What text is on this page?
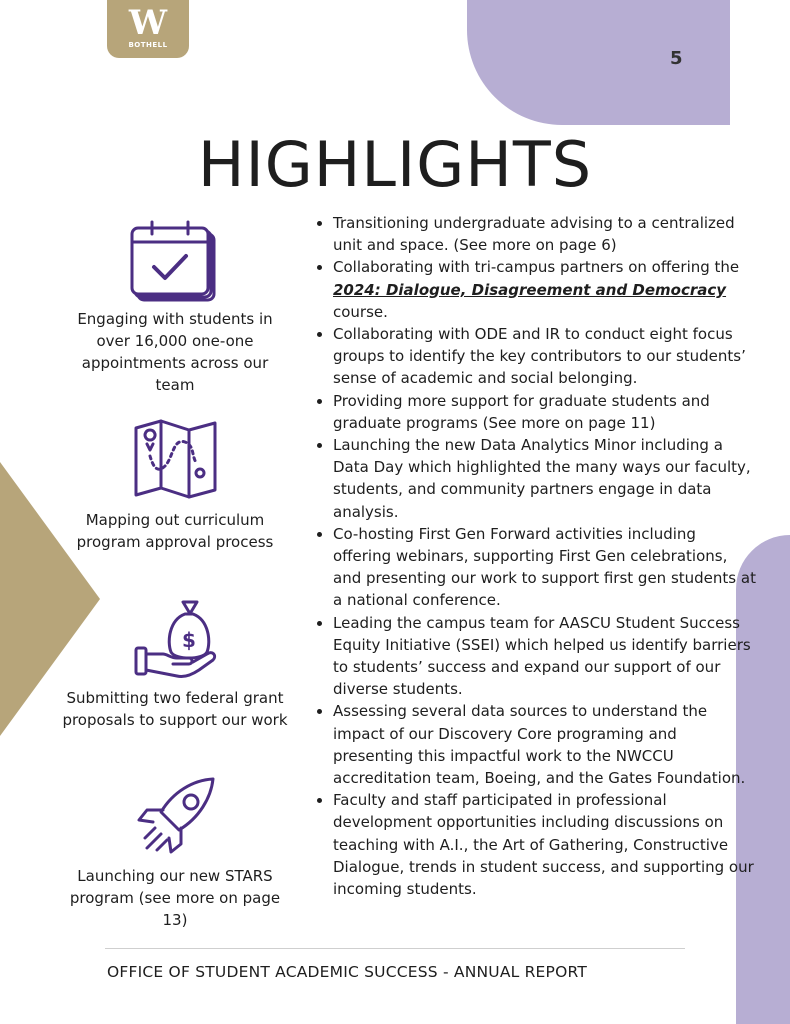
W
BOTHELL
5
HIGHLIGHTS
Engaging with students in over 16,000 one-one appointments across our team
Mapping out curriculum program approval process
$
Submitting two federal grant proposals to support our work
Launching our new STARS program (see more on page 13)
• Transitioning undergraduate advising to a centralized unit and space. (See more on page 6)
• Collaborating with tri-campus partners on offering the 2024: Dialogue, Disagreement and Democracy course.
• Collaborating with ODE and IR to conduct eight focus groups to identify the key contributors to our students’ sense of academic and social belonging.
• Providing more support for graduate students and graduate programs (See more on page 11)
• Launching the new Data Analytics Minor including a Data Day which highlighted the many ways our faculty, students, and community partners engage in data analysis.
• Co-hosting First Gen Forward activities including offering webinars, supporting First Gen celebrations, and presenting our work to support first gen students at a national conference.
• Leading the campus team for AASCU Student Success Equity Initiative (SSEI) which helped us identify barriers to students’ success and expand our support of our diverse students.
• Assessing several data sources to understand the impact of our Discovery Core programing and presenting this impactful work to the NWCCU accreditation team, Boeing, and the Gates Foundation.
• Faculty and staff participated in professional development opportunities including discussions on teaching with A.I., the Art of Gathering, Constructive Dialogue, trends in student success, and supporting our incoming students.
OFFICE OF STUDENT ACADEMIC SUCCESS - ANNUAL REPORT
